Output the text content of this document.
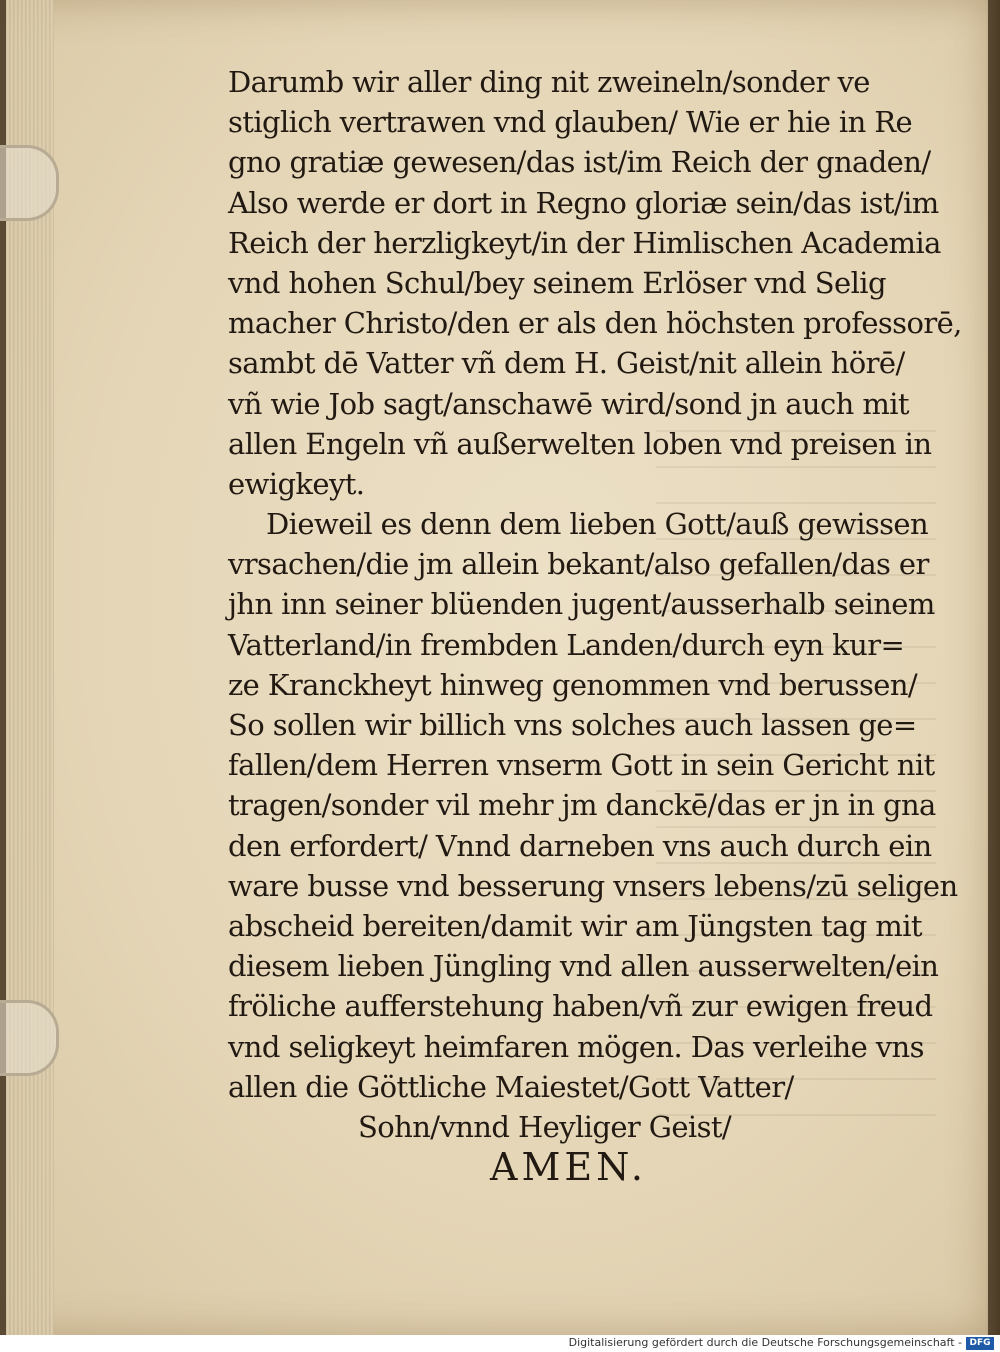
Darumb wir aller ding nit zweineln/sonder ve
stiglich vertrawen vnd glauben/ Wie er hie in Re
gno gratiæ gewesen/das ist/im Reich der gnaden/
Also werde er dort in Regno gloriæ sein/das ist/im
Reich der herzligkeyt/in der Himlischen Academia
vnd hohen Schul/bey seinem Erlöser vnd Selig
macher Christo/den er als den höchsten professorē,
sambt dē Vatter vñ dem H. Geist/nit allein hörē/
vñ wie Job sagt/anschawē wird/sond jn auch mit
allen Engeln vñ außerwelten loben vnd preisen in
ewigkeyt.
Dieweil es denn dem lieben Gott/auß gewissen
vrsachen/die jm allein bekant/also gefallen/das er
jhn inn seiner blüenden jugent/ausserhalb seinem
Vatterland/in frembden Landen/durch eyn kur=
ze Kranckheyt hinweg genommen vnd berussen/
So sollen wir billich vns solches auch lassen ge=
fallen/dem Herren vnserm Gott in sein Gericht nit
tragen/sonder vil mehr jm danckē/das er jn in gna
den erfordert/ Vnnd darneben vns auch durch ein
ware busse vnd besserung vnsers lebens/zū seligen
abscheid bereiten/damit wir am Jüngsten tag mit
diesem lieben Jüngling vnd allen ausserwelten/ein
fröliche aufferstehung haben/vñ zur ewigen freud
vnd seligkeyt heimfaren mögen. Das verleihe vns
allen die Göttliche Maiestet/Gott Vatter/
Sohn/vnnd Heyliger Geist/
AMEN.
Digitalisierung gefördert durch die Deutsche Forschungsgemeinschaft - DFG
